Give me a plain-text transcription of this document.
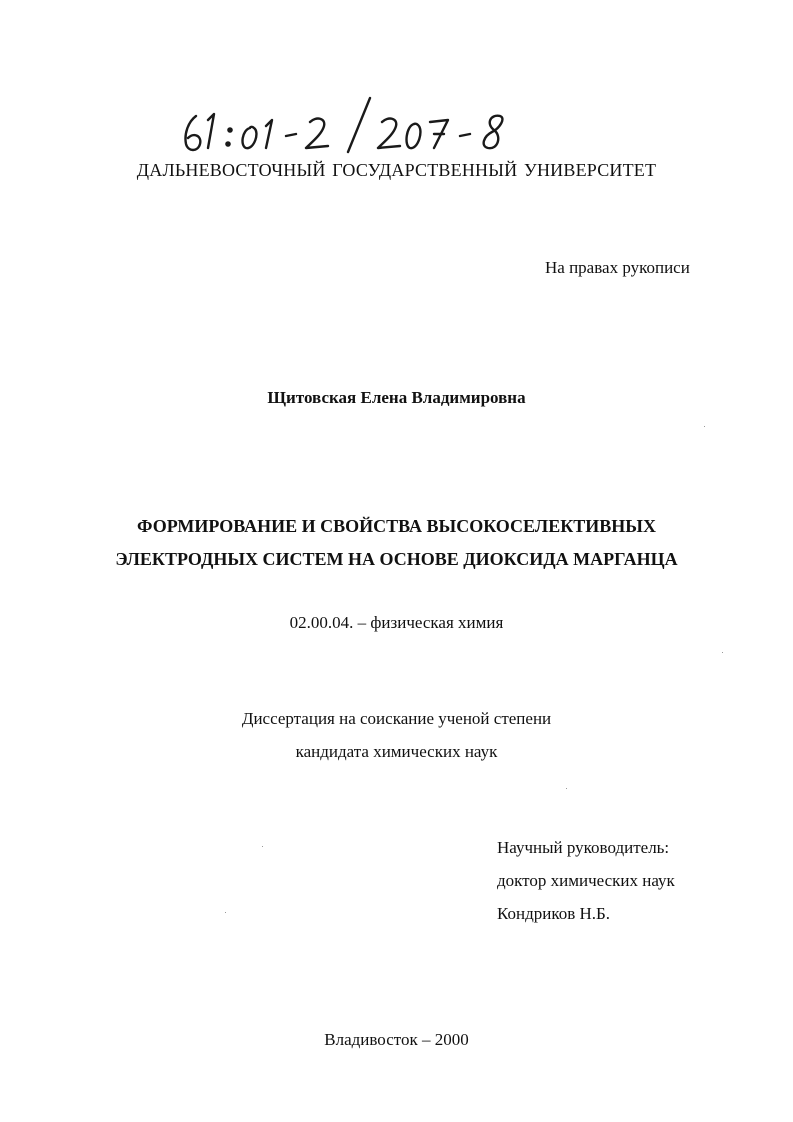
ДАЛЬНЕВОСТОЧНЫЙ ГОСУДАРСТВЕННЫЙ УНИВЕРСИТЕТ
На правах рукописи
Щитовская Елена Владимировна
ФОРМИРОВАНИЕ И СВОЙСТВА ВЫСОКОСЕЛЕКТИВНЫХ
ЭЛЕКТРОДНЫХ СИСТЕМ НА ОСНОВЕ ДИОКСИДА МАРГАНЦА
02.00.04. – физическая химия
Диссертация на соискание ученой степени
кандидата химических наук
Научный руководитель:
доктор химических наук
Кондриков Н.Б.
Владивосток – 2000
